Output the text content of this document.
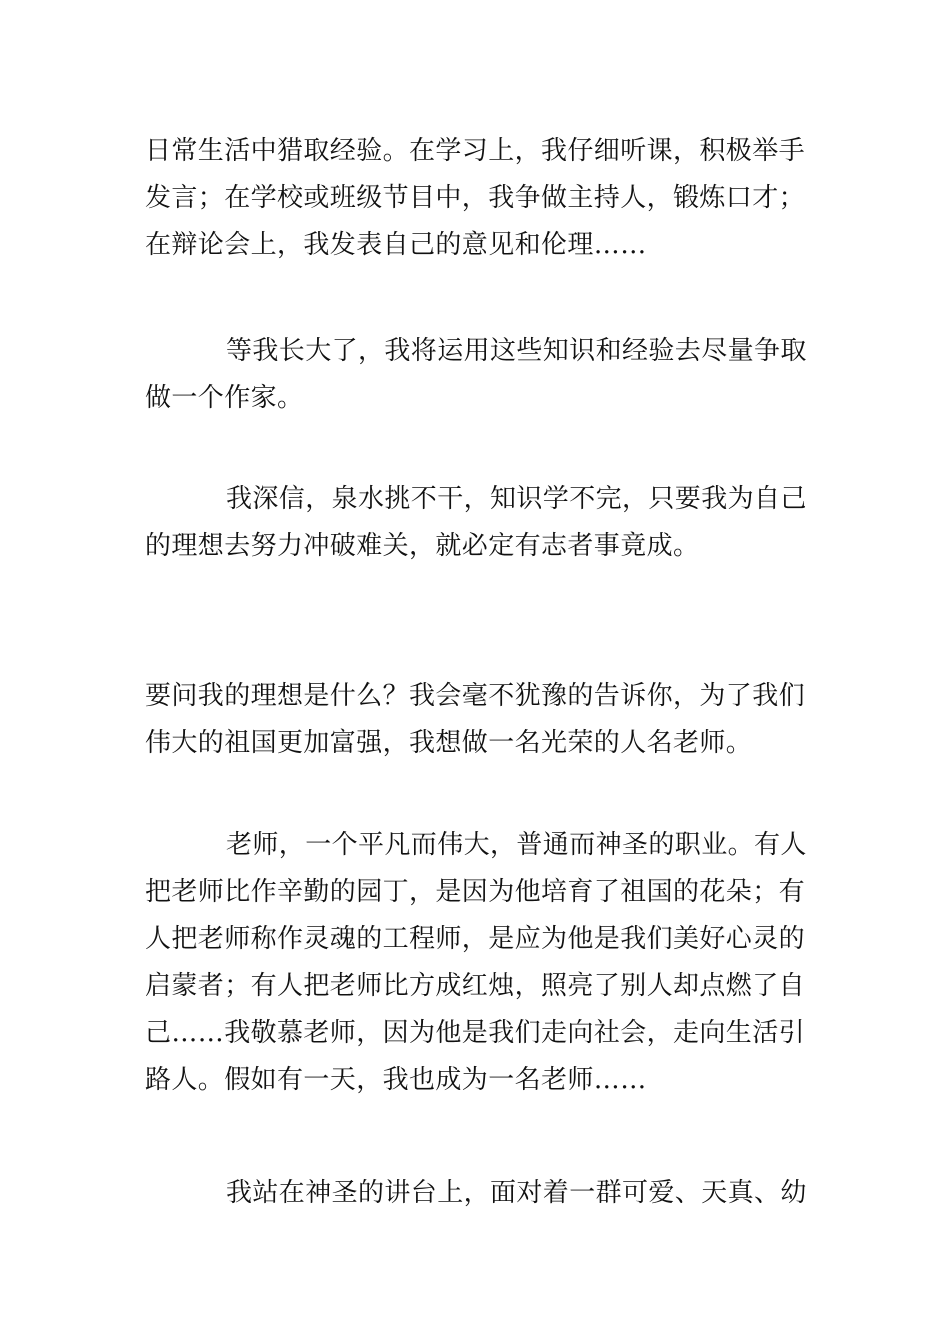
日常生活中猎取经验。在学习上，我仔细听课，积极举手发言；在学校或班级节目中，我争做主持人，锻炼口才；在辩论会上，我发表自己的意见和伦理……

等我长大了，我将运用这些知识和经验去尽量争取做一个作家。

我深信，泉水挑不干，知识学不完，只要我为自己的理想去努力冲破难关，就必定有志者事竟成。

要问我的理想是什么？我会毫不犹豫的告诉你，为了我们伟大的祖国更加富强，我想做一名光荣的人名老师。

老师，一个平凡而伟大，普通而神圣的职业。有人把老师比作辛勤的园丁，是因为他培育了祖国的花朵；有人把老师称作灵魂的工程师，是应为他是我们美好心灵的启蒙者；有人把老师比方成红烛，照亮了别人却点燃了自己……我敬慕老师，因为他是我们走向社会，走向生活引路人。假如有一天，我也成为一名老师……

我站在神圣的讲台上，面对着一群可爱、天真、幼
